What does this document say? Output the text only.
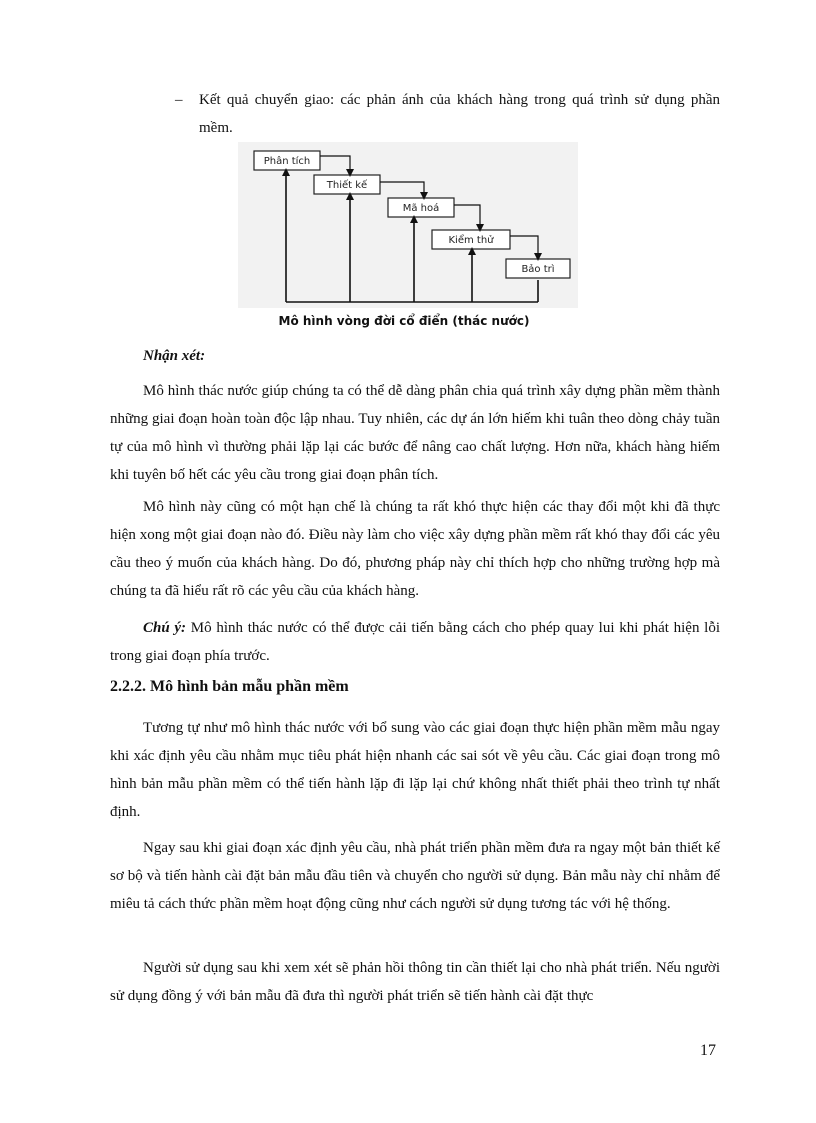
–	Kết quả chuyển giao: các phản ánh của khách hàng trong quá trình sử dụng phần mềm.
Phân tích
Thiết kế
Mã hoá
Kiểm thử
Bảo trì
Mô hình vòng đời cổ điển (thác nước)

Nhận xét:

Mô hình thác nước giúp chúng ta có thể dễ dàng phân chia quá trình xây dựng phần mềm thành những giai đoạn hoàn toàn độc lập nhau. Tuy nhiên, các dự án lớn hiếm khi tuân theo dòng chảy tuần tự của mô hình vì thường phải lặp lại các bước để nâng cao chất lượng. Hơn nữa, khách hàng hiếm khi tuyên bố hết các yêu cầu trong giai đoạn phân tích.

Mô hình này cũng có một hạn chế là chúng ta rất khó thực hiện các thay đổi một khi đã thực hiện xong một giai đoạn nào đó. Điều này làm cho việc xây dựng phần mềm rất khó thay đổi các yêu cầu theo ý muốn của khách hàng. Do đó, phương pháp này chỉ thích hợp cho những trường hợp mà chúng ta đã hiểu rất rõ các yêu cầu của khách hàng.

Chú ý: Mô hình thác nước có thể được cải tiến bằng cách cho phép quay lui khi phát hiện lỗi trong giai đoạn phía trước.

2.2.2. Mô hình bản mẫu phần mềm

Tương tự như mô hình thác nước với bổ sung vào các giai đoạn thực hiện phần mềm mẫu ngay khi xác định yêu cầu nhằm mục tiêu phát hiện nhanh các sai sót về yêu cầu. Các giai đoạn trong mô hình bản mẫu phần mềm có thể tiến hành lặp đi lặp lại chứ không nhất thiết phải theo trình tự nhất định.

Ngay sau khi giai đoạn xác định yêu cầu, nhà phát triển phần mềm đưa ra ngay một bản thiết kế sơ bộ và tiến hành cài đặt bản mẫu đầu tiên và chuyển cho người sử dụng. Bản mẫu này chỉ nhằm để miêu tả cách thức phần mềm hoạt động cũng như cách người sử dụng tương tác với hệ thống.

Người sử dụng sau khi xem xét sẽ phản hồi thông tin cần thiết lại cho nhà phát triển. Nếu người sử dụng đồng ý với bản mẫu đã đưa thì người phát triển sẽ tiến hành cài đặt thực

17
